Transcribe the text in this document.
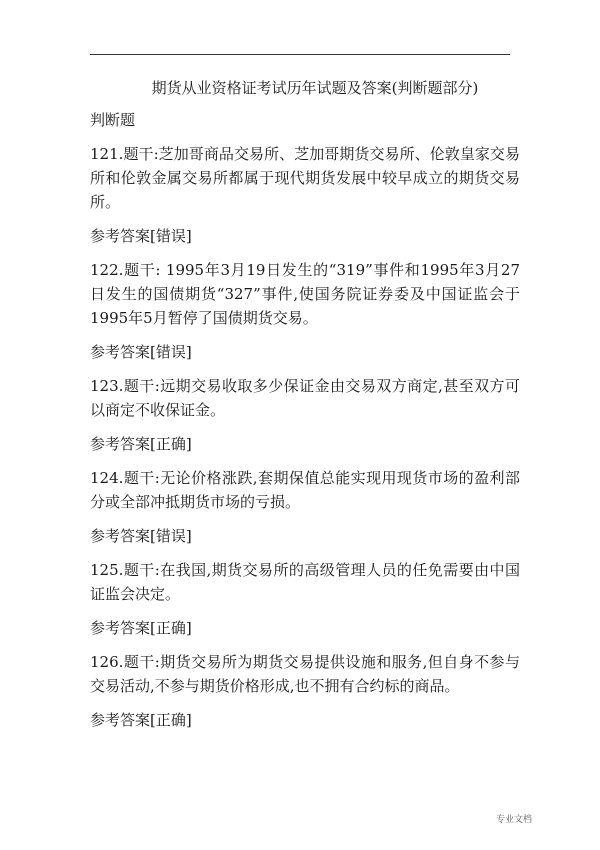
期货从业资格证考试历年试题及答案(判断题部分)
判断题
121.题干:芝加哥商品交易所、芝加哥期货交易所、伦敦皇家交易所和伦敦金属交易所都属于现代期货发展中较早成立的期货交易所。
参考答案[错误]
122.题干: 1995年3月19日发生的“319”事件和1995年3月27日发生的国债期货“327”事件,使国务院证券委及中国证监会于1995年5月暂停了国债期货交易。
参考答案[错误]
123.题干:远期交易收取多少保证金由交易双方商定,甚至双方可以商定不收保证金。
参考答案[正确]
124.题干:无论价格涨跌,套期保值总能实现用现货市场的盈利部分或全部冲抵期货市场的亏损。
参考答案[错误]
125.题干:在我国,期货交易所的高级管理人员的任免需要由中国证监会决定。
参考答案[正确]
126.题干:期货交易所为期货交易提供设施和服务,但自身不参与交易活动,不参与期货价格形成,也不拥有合约标的商品。
参考答案[正确]
专业文档
